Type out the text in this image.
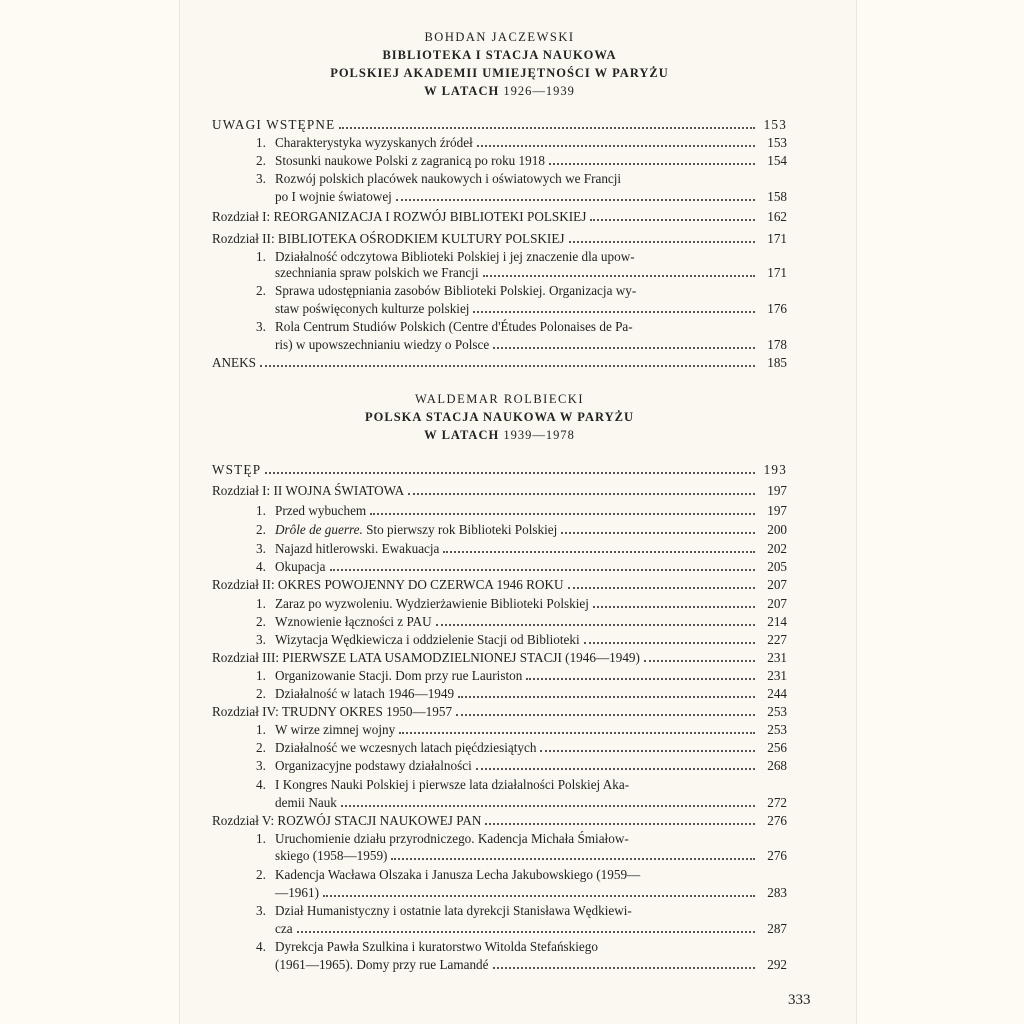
BOHDAN JACZEWSKI
BIBLIOTEKA I STACJA NAUKOWA
POLSKIEJ AKADEMII UMIEJĘTNOŚCI W PARYŻU
W LATACH 1926—1939
UWAGI WSTĘPNE	153
1. Charakterystyka wyzyskanych źródeł	153
2. Stosunki naukowe Polski z zagranicą po roku 1918	154
3. Rozwój polskich placówek naukowych i oświatowych we Francji
po I wojnie światowej	158
Rozdział I: REORGANIZACJA I ROZWÓJ BIBLIOTEKI POLSKIEJ	162
Rozdział II: BIBLIOTEKA OŚRODKIEM KULTURY POLSKIEJ	171
1. Działalność odczytowa Biblioteki Polskiej i jej znaczenie dla upow-
szechniania spraw polskich we Francji	171
2. Sprawa udostępniania zasobów Biblioteki Polskiej. Organizacja wy-
staw poświęconych kulturze polskiej	176
3. Rola Centrum Studiów Polskich (Centre d'Études Polonaises de Pa-
ris) w upowszechnianiu wiedzy o Polsce	178
ANEKS	185
WALDEMAR ROLBIECKI
POLSKA STACJA NAUKOWA W PARYŻU
W LATACH 1939—1978
WSTĘP	193
Rozdział I: II WOJNA ŚWIATOWA	197
1. Przed wybuchem	197
2. Drôle de guerre. Sto pierwszy rok Biblioteki Polskiej	200
3. Najazd hitlerowski. Ewakuacja	202
4. Okupacja	205
Rozdział II: OKRES POWOJENNY DO CZERWCA 1946 ROKU	207
1. Zaraz po wyzwoleniu. Wydzierżawienie Biblioteki Polskiej	207
2. Wznowienie łączności z PAU	214
3. Wizytacja Wędkiewicza i oddzielenie Stacji od Biblioteki	227
Rozdział III: PIERWSZE LATA USAMODZIELNIONEJ STACJI (1946—1949)	231
1. Organizowanie Stacji. Dom przy rue Lauriston	231
2. Działalność w latach 1946—1949	244
Rozdział IV: TRUDNY OKRES 1950—1957	253
1. W wirze zimnej wojny	253
2. Działalność we wczesnych latach pięćdziesiątych	256
3. Organizacyjne podstawy działalności	268
4. I Kongres Nauki Polskiej i pierwsze lata działalności Polskiej Aka-
demii Nauk	272
Rozdział V: ROZWÓJ STACJI NAUKOWEJ PAN	276
1. Uruchomienie działu przyrodniczego. Kadencja Michała Śmiałow-
skiego (1958—1959)	276
2. Kadencja Wacława Olszaka i Janusza Lecha Jakubowskiego (1959—
—1961)	283
3. Dział Humanistyczny i ostatnie lata dyrekcji Stanisława Wędkiewi-
cza	287
4. Dyrekcja Pawła Szulkina i kuratorstwo Witolda Stefańskiego
(1961—1965). Domy przy rue Lamandé	292
333
